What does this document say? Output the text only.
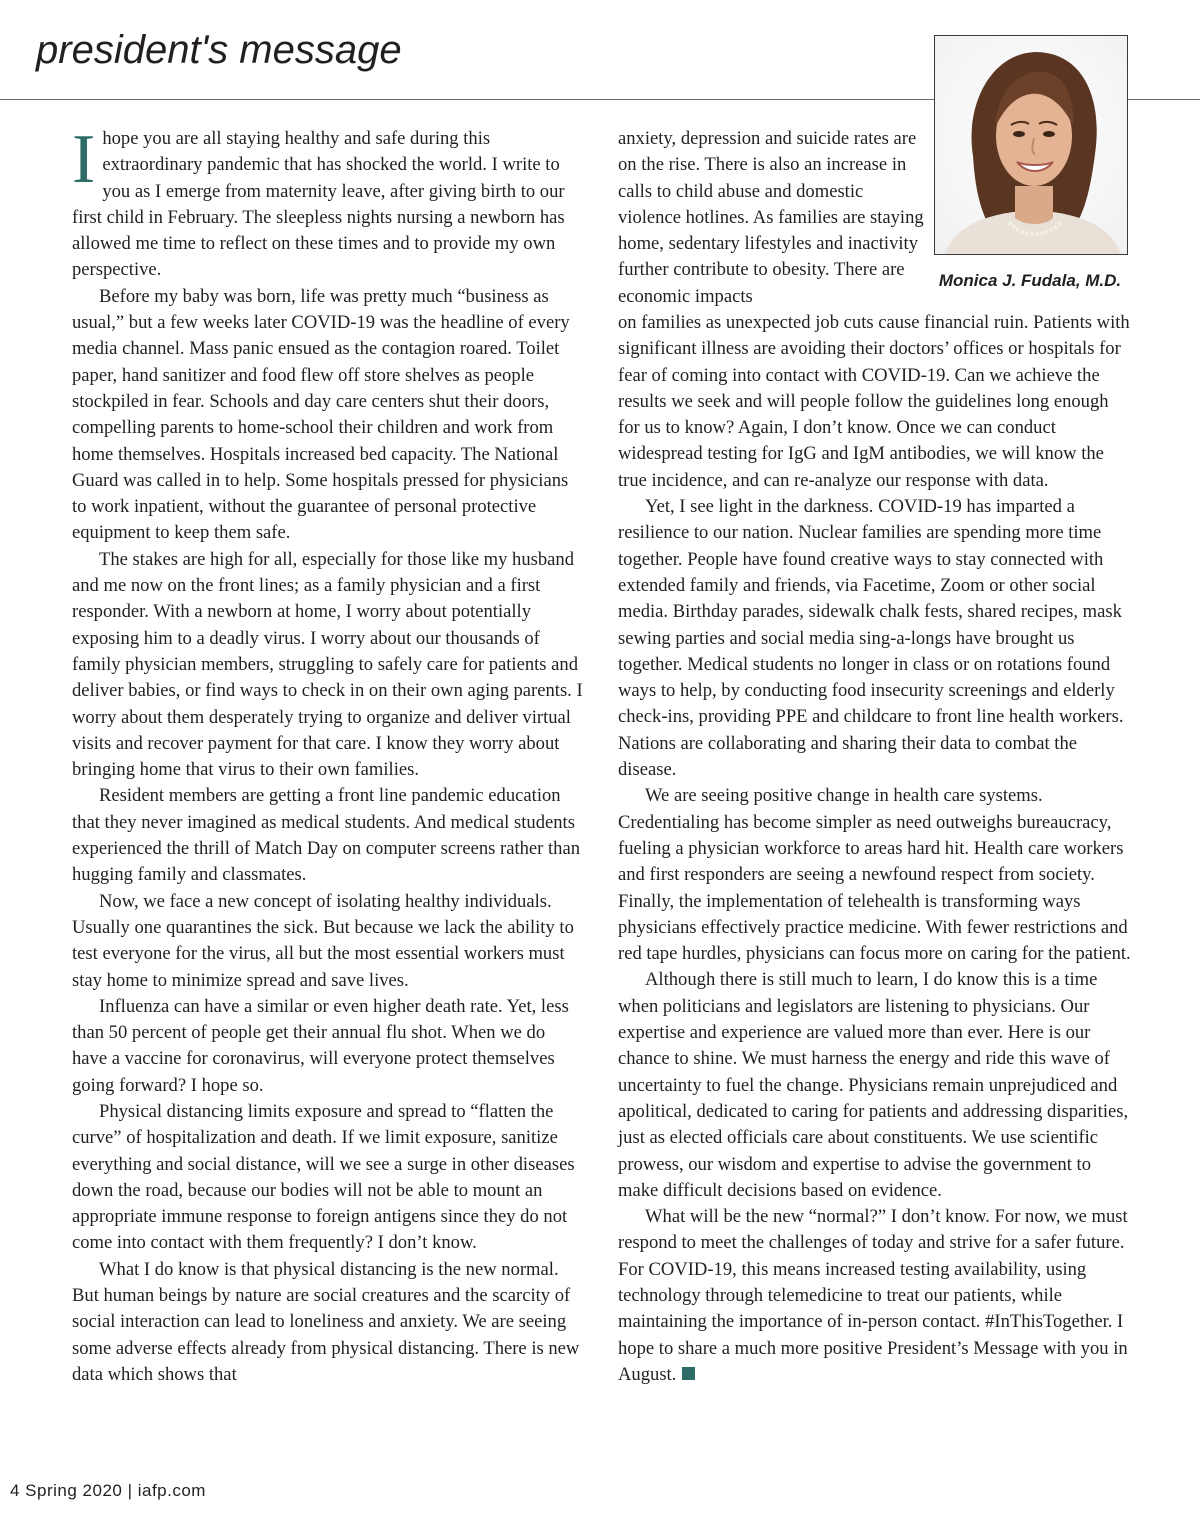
president's message
Monica J. Fudala, M.D.

Ihope you are all staying healthy and safe during this extraordinary pandemic that has shocked the world. I write to you as I emerge from maternity leave, after giving birth to our first child in February. The sleepless nights nursing a newborn has allowed me time to reflect on these times and to provide my own perspective.

Before my baby was born, life was pretty much “business as usual,” but a few weeks later COVID-19 was the headline of every media channel. Mass panic ensued as the contagion roared. Toilet paper, hand sanitizer and food flew off store shelves as people stockpiled in fear. Schools and day care centers shut their doors, compelling parents to home-school their children and work from home themselves. Hospitals increased bed capacity. The National Guard was called in to help. Some hospitals pressed for physicians to work inpatient, without the guarantee of personal protective equipment to keep them safe.

The stakes are high for all, especially for those like my husband and me now on the front lines; as a family physician and a first responder. With a newborn at home, I worry about potentially exposing him to a deadly virus. I worry about our thousands of family physician members, struggling to safely care for patients and deliver babies, or find ways to check in on their own aging parents. I worry about them desperately trying to organize and deliver virtual visits and recover payment for that care. I know they worry about bringing home that virus to their own families.

Resident members are getting a front line pandemic education that they never imagined as medical students. And medical students experienced the thrill of Match Day on computer screens rather than hugging family and classmates.

Now, we face a new concept of isolating healthy individuals. Usually one quarantines the sick. But because we lack the ability to test everyone for the virus, all but the most essential workers must stay home to minimize spread and save lives.

Influenza can have a similar or even higher death rate. Yet, less than 50 percent of people get their annual flu shot. When we do have a vaccine for coronavirus, will everyone protect themselves going forward? I hope so.

Physical distancing limits exposure and spread to “flatten the curve” of hospitalization and death. If we limit exposure, sanitize everything and social distance, will we see a surge in other diseases down the road, because our bodies will not be able to mount an appropriate immune response to foreign antigens since they do not come into contact with them frequently? I don’t know.

What I do know is that physical distancing is the new normal. But human beings by nature are social creatures and the scarcity of social interaction can lead to loneliness and anxiety. We are seeing some adverse effects already from physical distancing. There is new data which shows that

anxiety, depression and suicide rates are on the rise. There is also an increase in calls to child abuse and domestic violence hotlines. As families are staying home, sedentary lifestyles and inactivity further contribute to obesity. There are economic impacts

on families as unexpected job cuts cause financial ruin. Patients with significant illness are avoiding their doctors’ offices or hospitals for fear of coming into contact with COVID-19. Can we achieve the results we seek and will people follow the guidelines long enough for us to know? Again, I don’t know. Once we can conduct widespread testing for IgG and IgM antibodies, we will know the true incidence, and can re-analyze our response with data.

Yet, I see light in the darkness. COVID-19 has imparted a resilience to our nation. Nuclear families are spending more time together. People have found creative ways to stay connected with extended family and friends, via Facetime, Zoom or other social media. Birthday parades, sidewalk chalk fests, shared recipes, mask sewing parties and social media sing-a-longs have brought us together. Medical students no longer in class or on rotations found ways to help, by conducting food insecurity screenings and elderly check-ins, providing PPE and childcare to front line health workers. Nations are collaborating and sharing their data to combat the disease.

We are seeing positive change in health care systems. Credentialing has become simpler as need outweighs bureaucracy, fueling a physician workforce to areas hard hit. Health care workers and first responders are seeing a newfound respect from society. Finally, the implementation of telehealth is transforming ways physicians effectively practice medicine. With fewer restrictions and red tape hurdles, physicians can focus more on caring for the patient.

Although there is still much to learn, I do know this is a time when politicians and legislators are listening to physicians. Our expertise and experience are valued more than ever. Here is our chance to shine. We must harness the energy and ride this wave of uncertainty to fuel the change. Physicians remain unprejudiced and apolitical, dedicated to caring for patients and addressing disparities, just as elected officials care about constituents. We use scientific prowess, our wisdom and expertise to advise the government to make difficult decisions based on evidence.

What will be the new “normal?” I don’t know. For now, we must respond to meet the challenges of today and strive for a safer future. For COVID-19, this means increased testing availability, using technology through telemedicine to treat our patients, while maintaining the importance of in-person contact. #InThisTogether. I hope to share a much more positive President’s Message with you in August.

4 Spring 2020 | iafp.com
